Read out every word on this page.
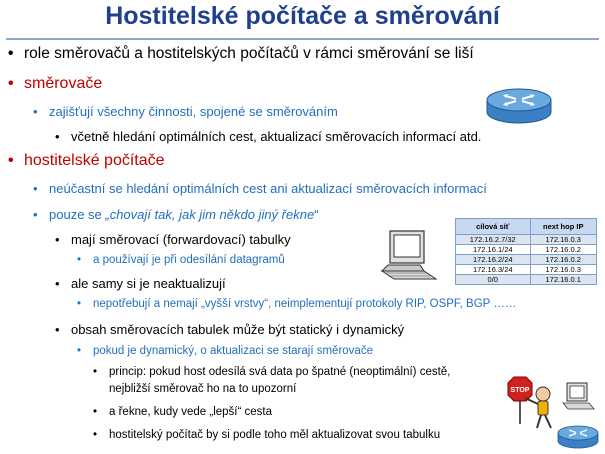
Hostitelské počítače a směrování
• role směrovačů a hostitelských počítačů v rámci směrování se liší
• směrovače
• zajišťují všechny činnosti, spojené se směrováním
• včetně hledání optimálních cest, aktualizací směrovacích informací atd.
• hostitelské počítače
• neúčastní se hledání optimálních cest ani aktualizací směrovacích informací
• pouze se „chovají tak, jak jim někdo jiný řekne“
• mají směrovací (forwardovací) tabulky
• a používají je při odesílání datagramů
• ale samy si je neaktualizují
• nepotřebují a nemají „vyšší vrstvy“, neimplementují protokoly RIP, OSPF, BGP ……
• obsah směrovacích tabulek může být statický i dynamický
• pokud je dynamický, o aktualizaci se starají směrovače
• princip: pokud host odesílá svá data po špatné (neoptimální) cestě,
nejbližší směrovač ho na to upozorní
• a řekne, kudy vede „lepší“ cesta
• hostitelský počítač by si podle toho měl aktualizovat svou tabulku
cílová síť	next hop IP
172.16.2.7/32	172.16.0.3
172.16.1/24	172.16.0.2
172.16.2/24	172.16.0.2
172.16.3/24	172.16.0.3
0/0	172.16.0.1
STOP
